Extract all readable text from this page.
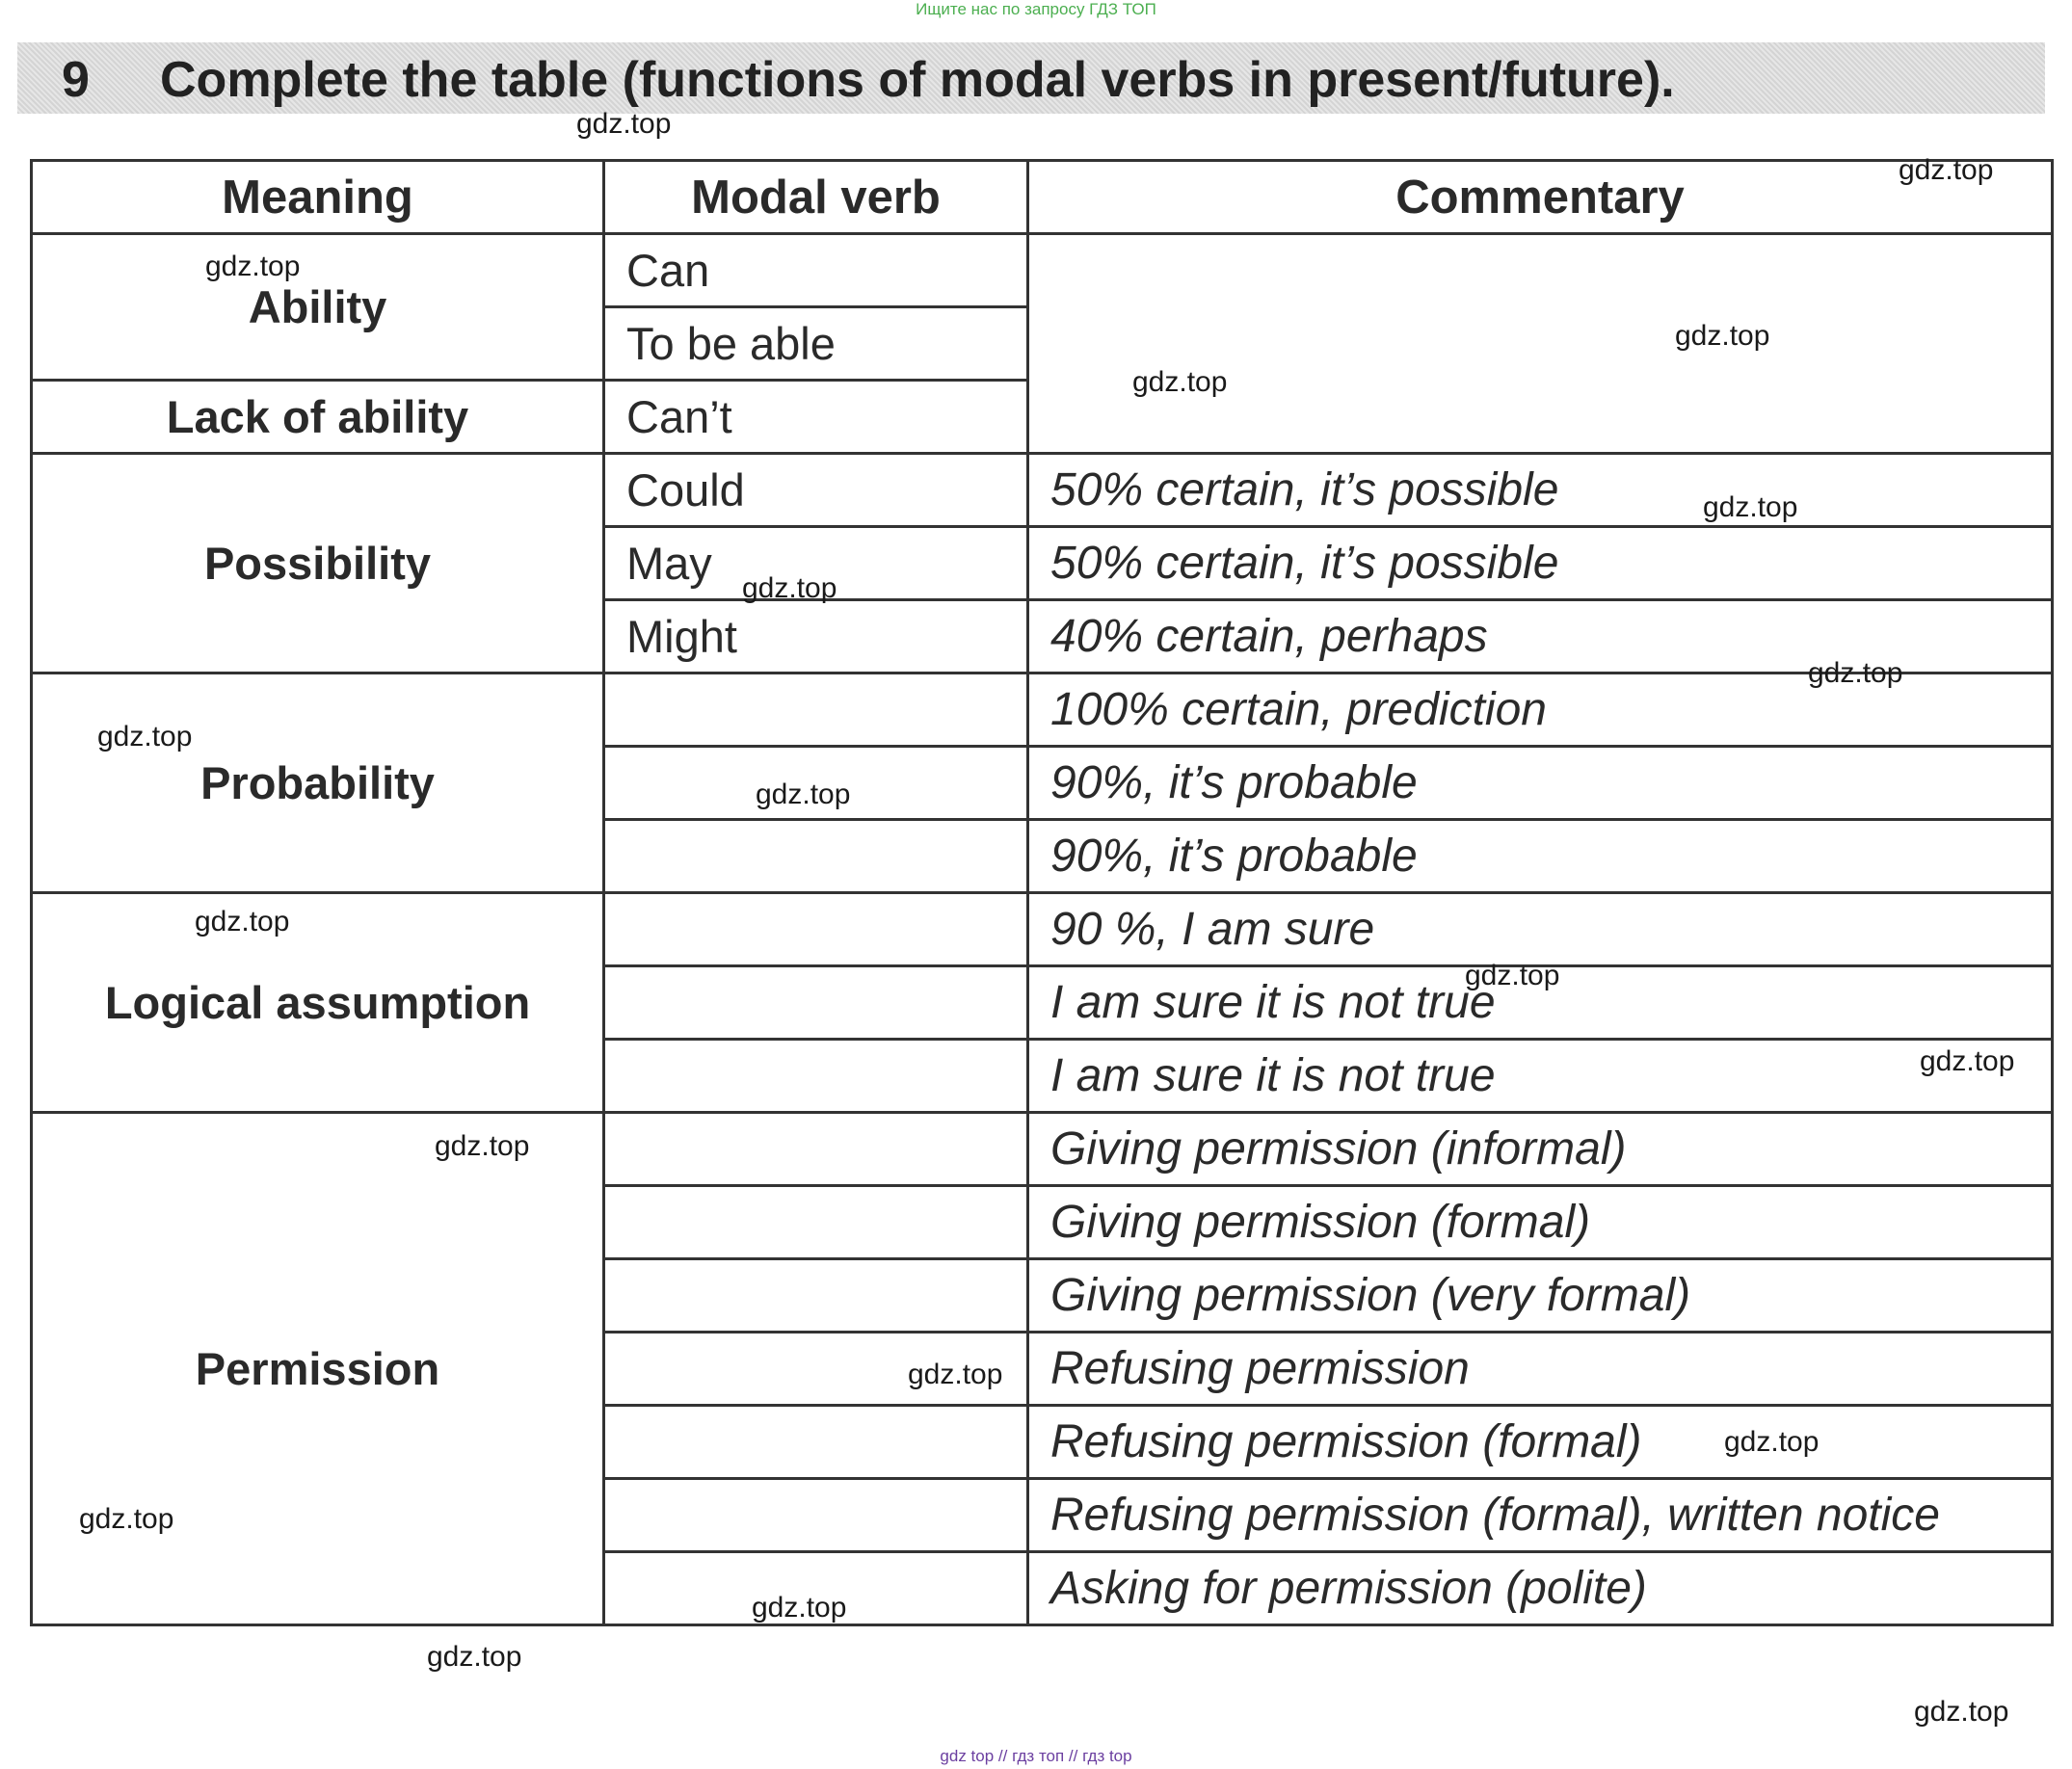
Ищите нас по запросу ГДЗ ТОП
9 Complete the table (functions of modal verbs in present/future).
Meaning	Modal verb	Commentary
Ability	Can	
	To be able	
Lack of ability	Can’t	
Possibility	Could	50% certain, it’s possible
	May	50% certain, it’s possible
	Might	40% certain, perhaps
Probability		100% certain, prediction
		90%, it’s probable
		90%, it’s probable
Logical assumption		90 %, I am sure
		I am sure it is not true
		I am sure it is not true
Permission		Giving permission (informal)
		Giving permission (formal)
		Giving permission (very formal)
		Refusing permission
		Refusing permission (formal)
		Refusing permission (formal), written notice
		Asking for permission (polite)
gdz.top
gdz.top
gdz.top
gdz.top
gdz.top
gdz.top
gdz.top
gdz.top
gdz.top
gdz.top
gdz.top
gdz.top
gdz.top
gdz.top
gdz.top
gdz.top
gdz.top
gdz.top
gdz.top
gdz.top
gdz top // гдз топ // гдз top
